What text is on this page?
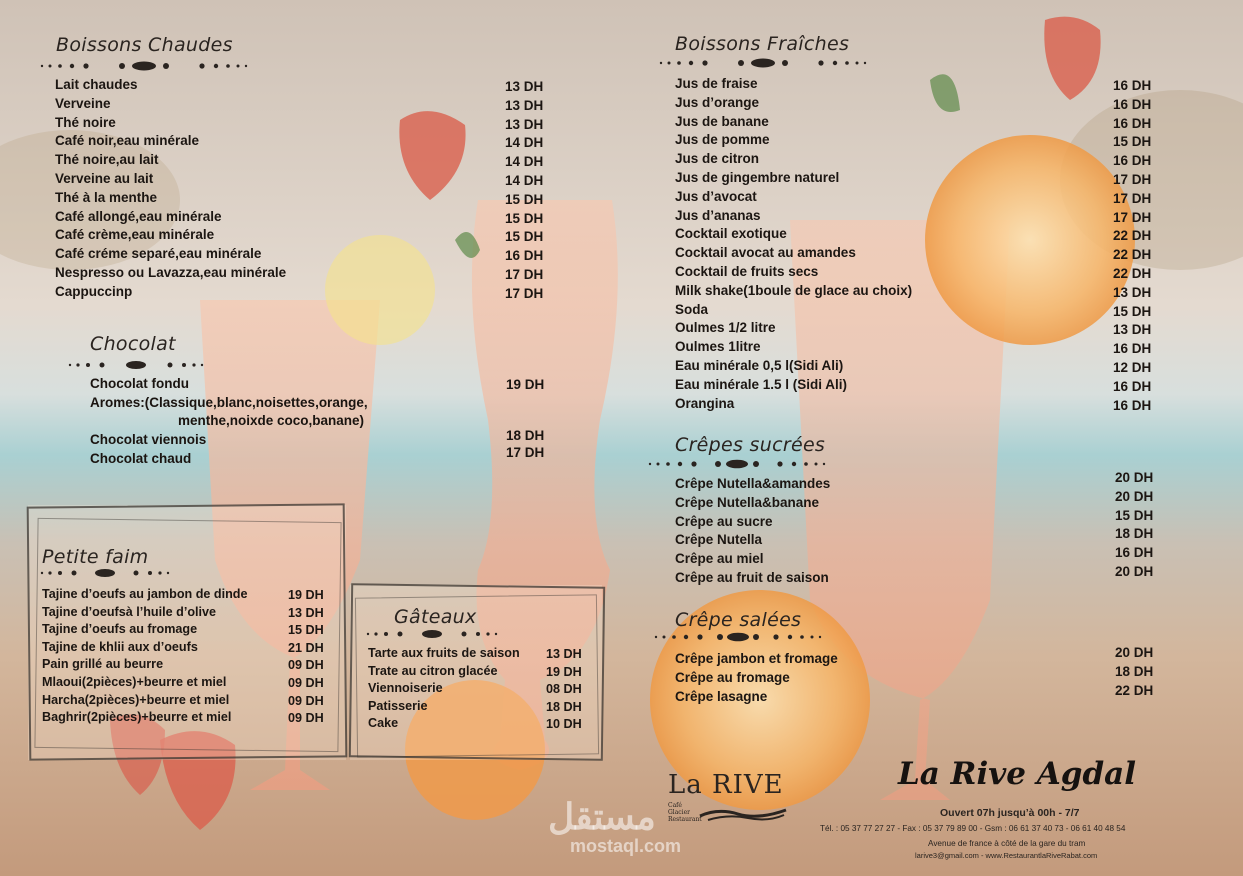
Boissons Chaudes
Lait chaudes	13 DH
Verveine	13 DH
Thé noire	13 DH
Café noir,eau minérale	14 DH
Thé noire,au lait	14 DH
Verveine au lait	14 DH
Thé à la menthe	15 DH
Café allongé,eau minérale	15 DH
Café crème,eau minérale	15 DH
Café créme separé,eau minérale	16 DH
Nespresso ou Lavazza,eau minérale	17 DH
Cappuccinp	17 DH
Chocolat
Chocolat fondu	19 DH
Aromes:(Classique,blanc,noisettes,orange,
menthe,noixde coco,banane)
Chocolat viennois	18 DH
Chocolat chaud	17 DH
Petite faim
Tajine d’oeufs au jambon de dinde	19 DH
Tajine d’oeufsà l’huile d’olive	13 DH
Tajine d’oeufs au fromage	15 DH
Tajine de khlii aux d’oeufs	21 DH
Pain grillé au beurre	09 DH
Mlaoui(2pièces)+beurre et miel	09 DH
Harcha(2pièces)+beurre et miel	09 DH
Baghrir(2pièces)+beurre et miel	09 DH
Gâteaux
Tarte aux fruits de saison 13 DH
Trate au citron glacée	19 DH
Viennoiserie	08 DH
Patisserie	18 DH
Cake	10 DH
Boissons Fraîches
Jus de fraise	16 DH
Jus d’orange	16 DH
Jus de banane	16 DH
Jus de pomme	15 DH
Jus de citron	16 DH
Jus de gingembre naturel	17 DH
Jus d’avocat	17 DH
Jus d’ananas	17 DH
Cocktail exotique	22 DH
Cocktail avocat au amandes	22 DH
Cocktail de fruits secs	22 DH
Milk shake(1boule de glace au choix)	13 DH
Soda	15 DH
Oulmes 1/2 litre	13 DH
Oulmes 1litre	16 DH
Eau minérale 0,5 l(Sidi Ali)	12 DH
Eau minérale 1.5 l (Sidi Ali)	16 DH
Orangina	16 DH
Crêpes sucrées
Crêpe Nutella&amandes	20 DH
Crêpe Nutella&banane	20 DH
Crêpe au sucre	15 DH
Crêpe Nutella	18 DH
Crêpe au miel	16 DH
Crêpe au fruit de saison	20 DH
Crêpe salées
Crêpe jambon et fromage	20 DH
Crêpe au fromage	18 DH
Crêpe lasagne	22 DH
La RIVE
Café
Glacier
Restaurant
مستقل
mostaql.com
La Rive Agdal
Ouvert 07h jusqu’à 00h - 7/7
Tél. : 05 37 77 27 27 - Fax : 05 37 79 89 00 - Gsm : 06 61 37 40 73 - 06 61 40 48 54
Avenue de france à côté de la gare du tram
larive3@gmail.com - www.RestaurantlaRiveRabat.com
